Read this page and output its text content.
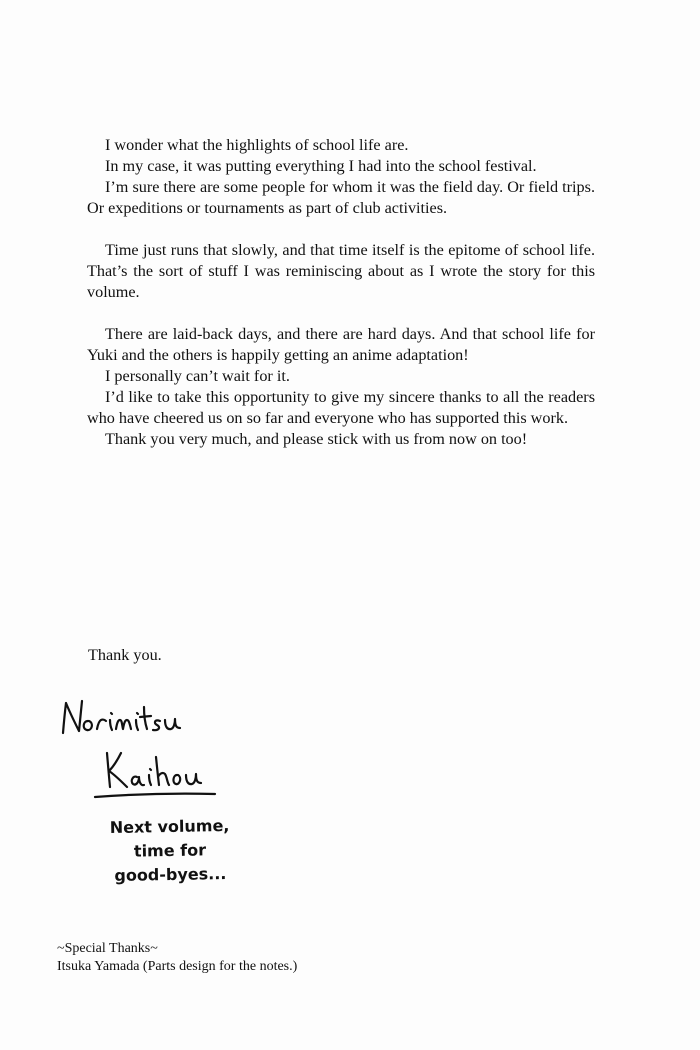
I wonder what the highlights of school life are.

In my case, it was putting everything I had into the school festival.

I’m sure there are some people for whom it was the field day. Or field trips. Or expeditions or tournaments as part of club activities.

Time just runs that slowly, and that time itself is the epitome of school life. That’s the sort of stuff I was reminiscing about as I wrote the story for this volume.

There are laid-back days, and there are hard days. And that school life for Yuki and the others is happily getting an anime adaptation!

I personally can’t wait for it.

I’d like to take this opportunity to give my sincere thanks to all the readers who have cheered us on so far and everyone who has supported this work.

Thank you very much, and please stick with us from now on too!

Thank you.
Next volume,
time for
good-byes...
~Special Thanks~
Itsuka Yamada (Parts design for the notes.)
